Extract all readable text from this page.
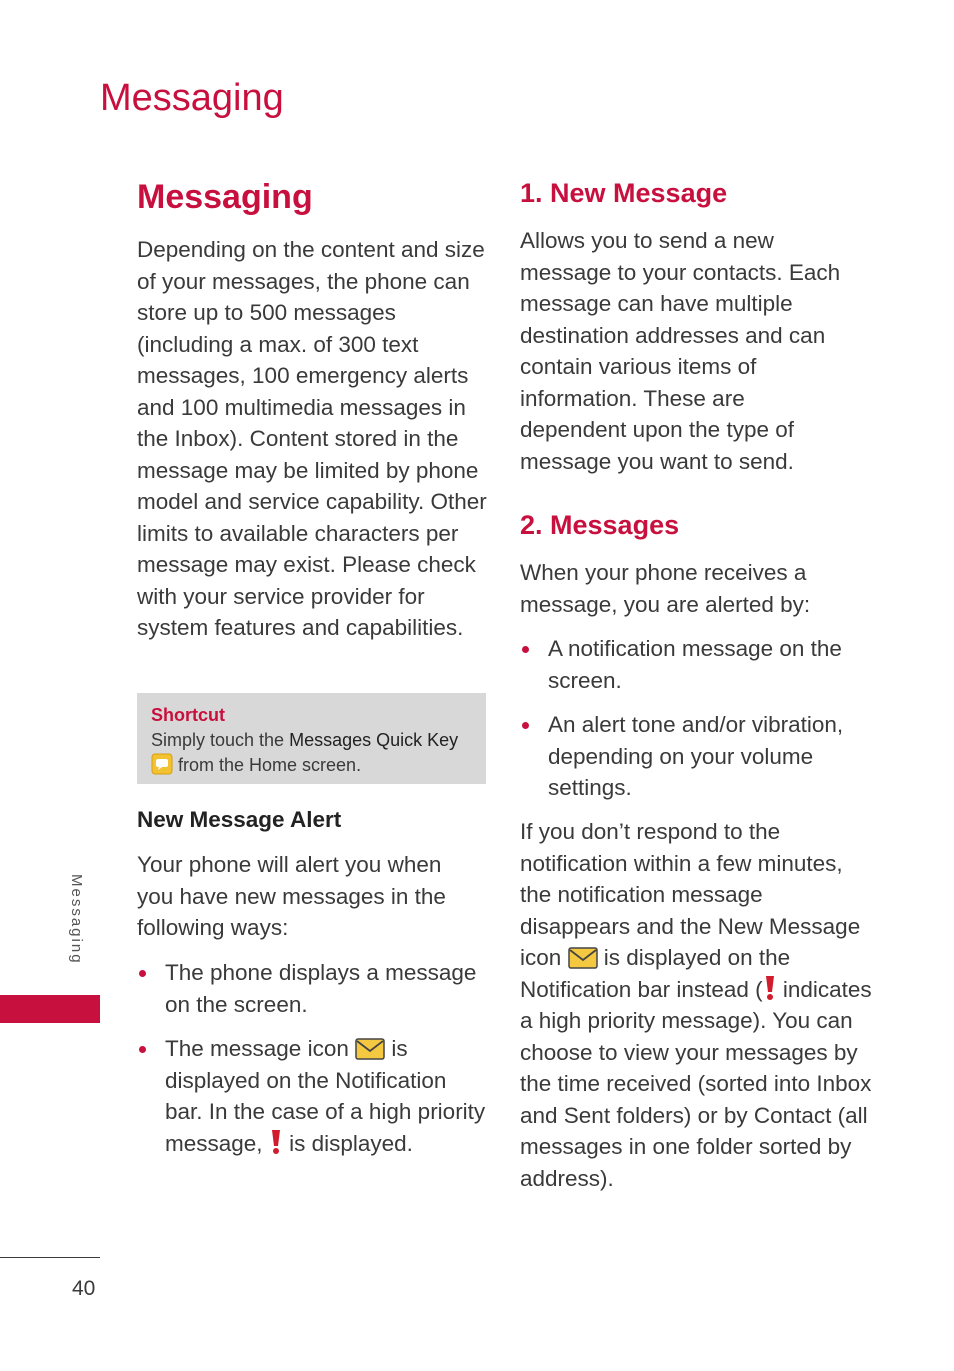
Messaging
Messaging

Depending on the content and size of your messages, the phone can store up to 500 messages (including a max. of 300 text messages, 100 emergency alerts and 100 multimedia messages in the Inbox). Content stored in the message may be limited by phone model and service capability. Other limits to available characters per message may exist. Please check with your service provider for system features and capabilities.

Shortcut
Simply touch the Messages Quick Key  from the Home screen.
New Message Alert

Your phone will alert you when you have new messages in the following ways:

The phone displays a message on the screen.
The message icon  is displayed on the Notification bar. In the case of a high priority message,  is displayed.
1. New Message

Allows you to send a new message to your contacts. Each message can have multiple destination addresses and can contain various items of information. These are dependent upon the type of message you want to send.

2. Messages

When your phone receives a message, you are alerted by:

A notification message on the screen.
An alert tone and/or vibration, depending on your volume settings.

If you don’t respond to the notification within a few minutes, the notification message disappears and the New Message icon  is displayed on the Notification bar instead ( indicates a high priority message). You can choose to view your messages by the time received (sorted into Inbox and Sent folders) or by Contact (all messages in one folder sorted by address).

Messaging
40
